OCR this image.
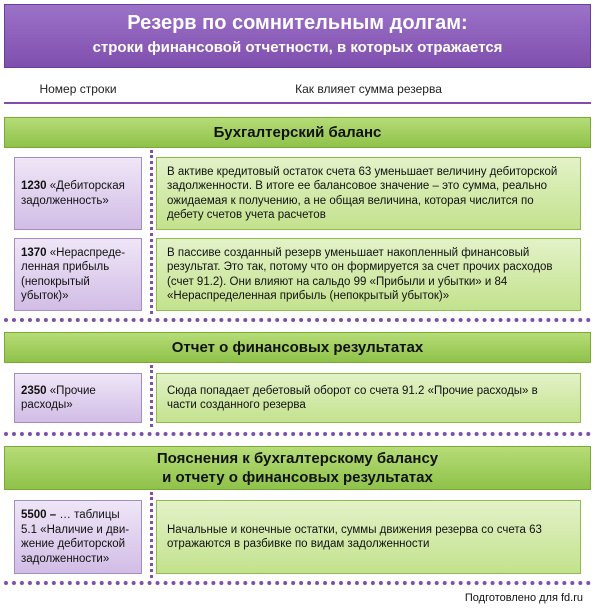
Резерв по сомнительным долгам:
строки финансовой отчетности, в которых отражается
Номер строки	Как влияет сумма резерва
Бухгалтерский баланс
1230 «Дебиторская задолженность»
В активе кредитовый остаток счета 63 уменьшает величину дебиторской задолженности. В итоге ее балансовое значение – это сумма, реально ожидаемая к получению, а не общая величина, которая числится по дебету счетов учета расчетов
1370 «Нераспреде-ленная прибыль (непокрытый убыток)»
В пассиве созданный резерв уменьшает накопленный финансовый результат. Это так, потому что он формируется за счет прочих расходов (счет 91.2). Они влияют на сальдо 99 «Прибыли и убытки» и 84 «Нераспределенная прибыль (непокрытый убыток)»
Отчет о финансовых результатах
2350 «Прочие расходы»
Сюда попадает дебетовый оборот со счета 91.2 «Прочие расходы» в части созданного резерва
Пояснения к бухгалтерскому балансу
и отчету о финансовых результатах
5500 – … таблицы 5.1 «Наличие и дви-жение дебиторской задолженности»
Начальные и конечные остатки, суммы движения резерва со счета 63 отражаются в разбивке по видам задолженности
Подготовлено для fd.ru
